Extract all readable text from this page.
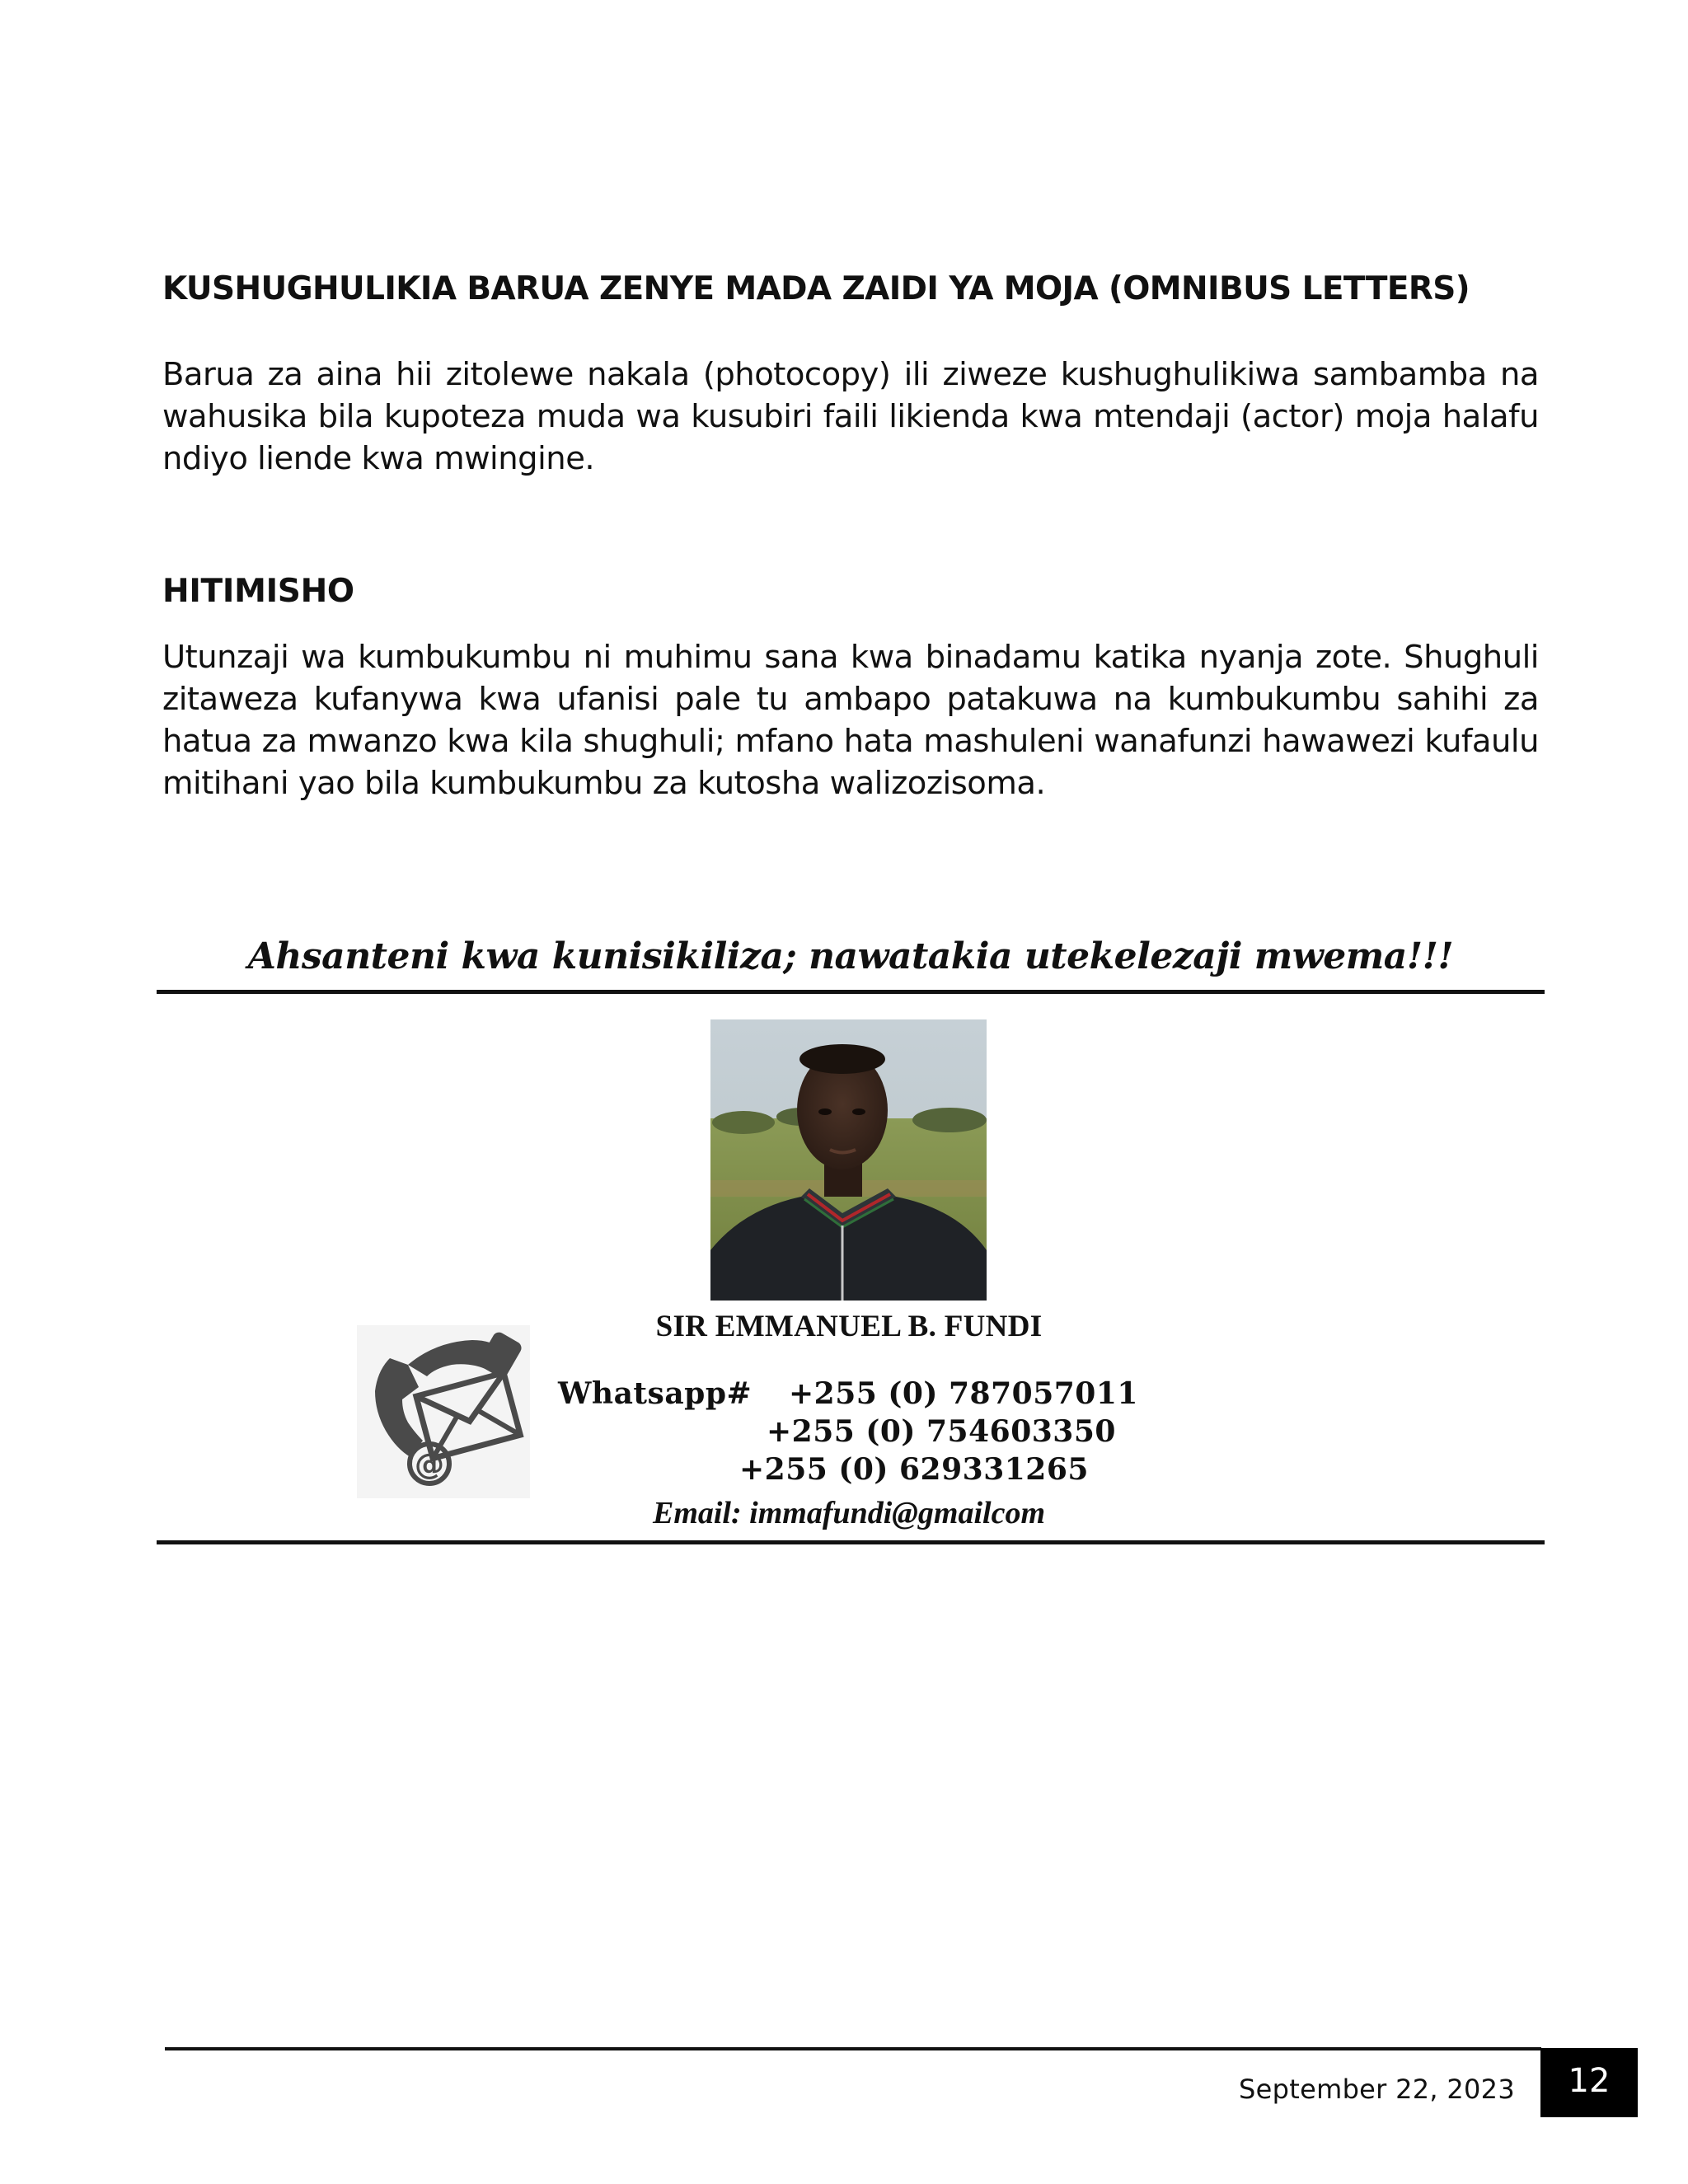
KUSHUGHULIKIA BARUA ZENYE MADA ZAIDI YA MOJA (OMNIBUS LETTERS)
Barua za aina hii zitolewe nakala (photocopy) ili ziweze kushughulikiwa sambamba na wahusika bila kupoteza muda wa kusubiri faili likienda kwa mtendaji (actor) moja halafu ndiyo liende kwa mwingine.
HITIMISHO
Utunzaji wa kumbukumbu ni muhimu sana kwa binadamu katika nyanja zote. Shughuli zitaweza kufanywa kwa ufanisi pale tu ambapo patakuwa na kumbukumbu sahihi za hatua za mwanzo kwa kila shughuli; mfano hata mashuleni wanafunzi hawawezi kufaulu mitihani yao bila kumbukumbu za kutosha walizozisoma.
Ahsanteni kwa kunisikiliza; nawatakia utekelezaji mwema!!!
SIR EMMANUEL B. FUNDI
@
Whatsapp# +255 (0) 787057011
+255 (0) 754603350
+255 (0) 629331265
Email: immafundi@gmailcom
September 22, 2023	12
